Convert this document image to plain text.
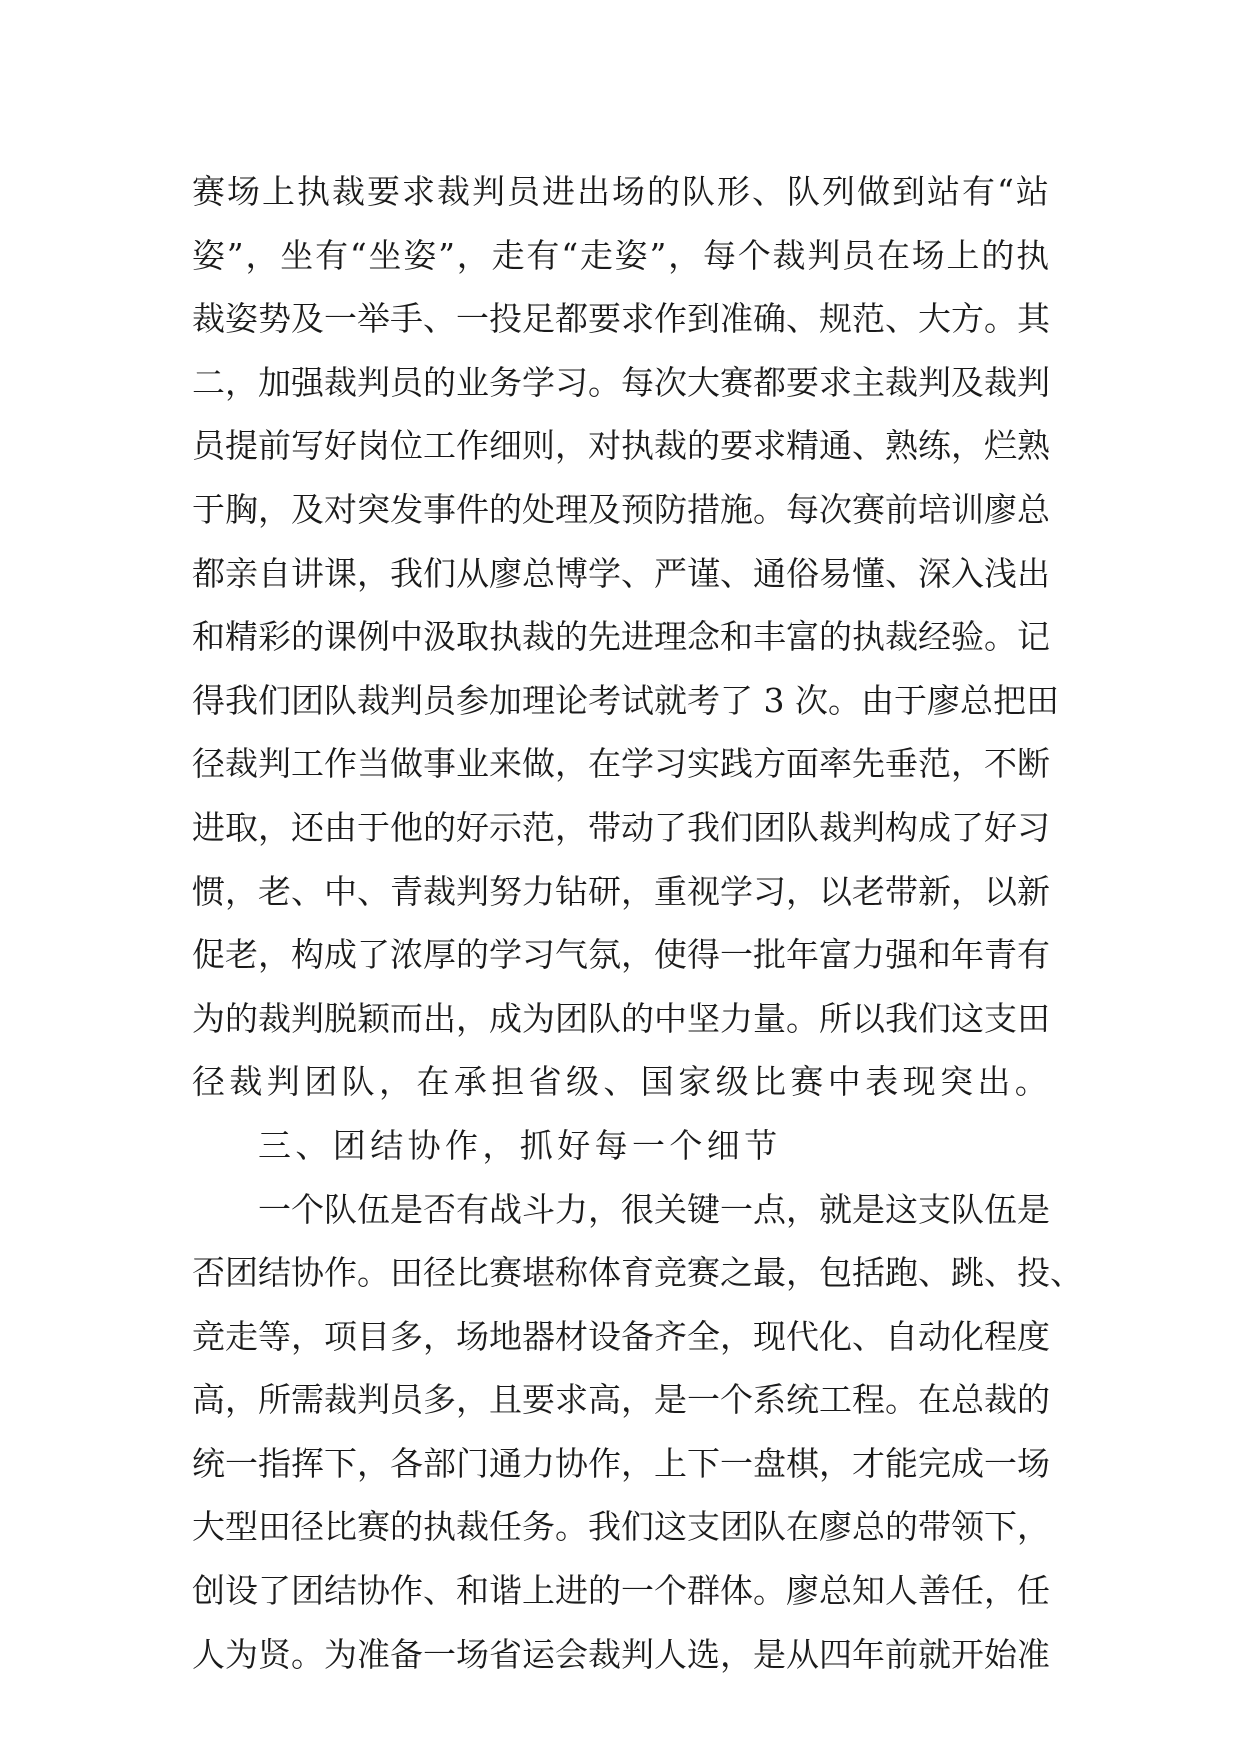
赛场上执裁要求裁判员进出场的队形、队列做到站有“站

姿”，坐有“坐姿”，走有“走姿”，每个裁判员在场上的执

裁姿势及一举手、一投足都要求作到准确、规范、大方。其

二，加强裁判员的业务学习。每次大赛都要求主裁判及裁判

员提前写好岗位工作细则，对执裁的要求精通、熟练，烂熟

于胸，及对突发事件的处理及预防措施。每次赛前培训廖总

都亲自讲课，我们从廖总博学、严谨、通俗易懂、深入浅出

和精彩的课例中汲取执裁的先进理念和丰富的执裁经验。记

得我们团队裁判员参加理论考试就考了 3 次。由于廖总把田

径裁判工作当做事业来做，在学习实践方面率先垂范，不断

进取，还由于他的好示范，带动了我们团队裁判构成了好习

惯，老、中、青裁判努力钻研，重视学习，以老带新，以新

促老，构成了浓厚的学习气氛，使得一批年富力强和年青有

为的裁判脱颖而出，成为团队的中坚力量。所以我们这支田

径裁判团队，在承担省级、国家级比赛中表现突出。

三、团结协作，抓好每一个细节

一个队伍是否有战斗力，很关键一点，就是这支队伍是

否团结协作。田径比赛堪称体育竞赛之最，包括跑、跳、投、

竞走等，项目多，场地器材设备齐全，现代化、自动化程度

高，所需裁判员多，且要求高，是一个系统工程。在总裁的

统一指挥下，各部门通力协作，上下一盘棋，才能完成一场

大型田径比赛的执裁任务。我们这支团队在廖总的带领下，

创设了团结协作、和谐上进的一个群体。廖总知人善任，任

人为贤。为准备一场省运会裁判人选，是从四年前就开始准
